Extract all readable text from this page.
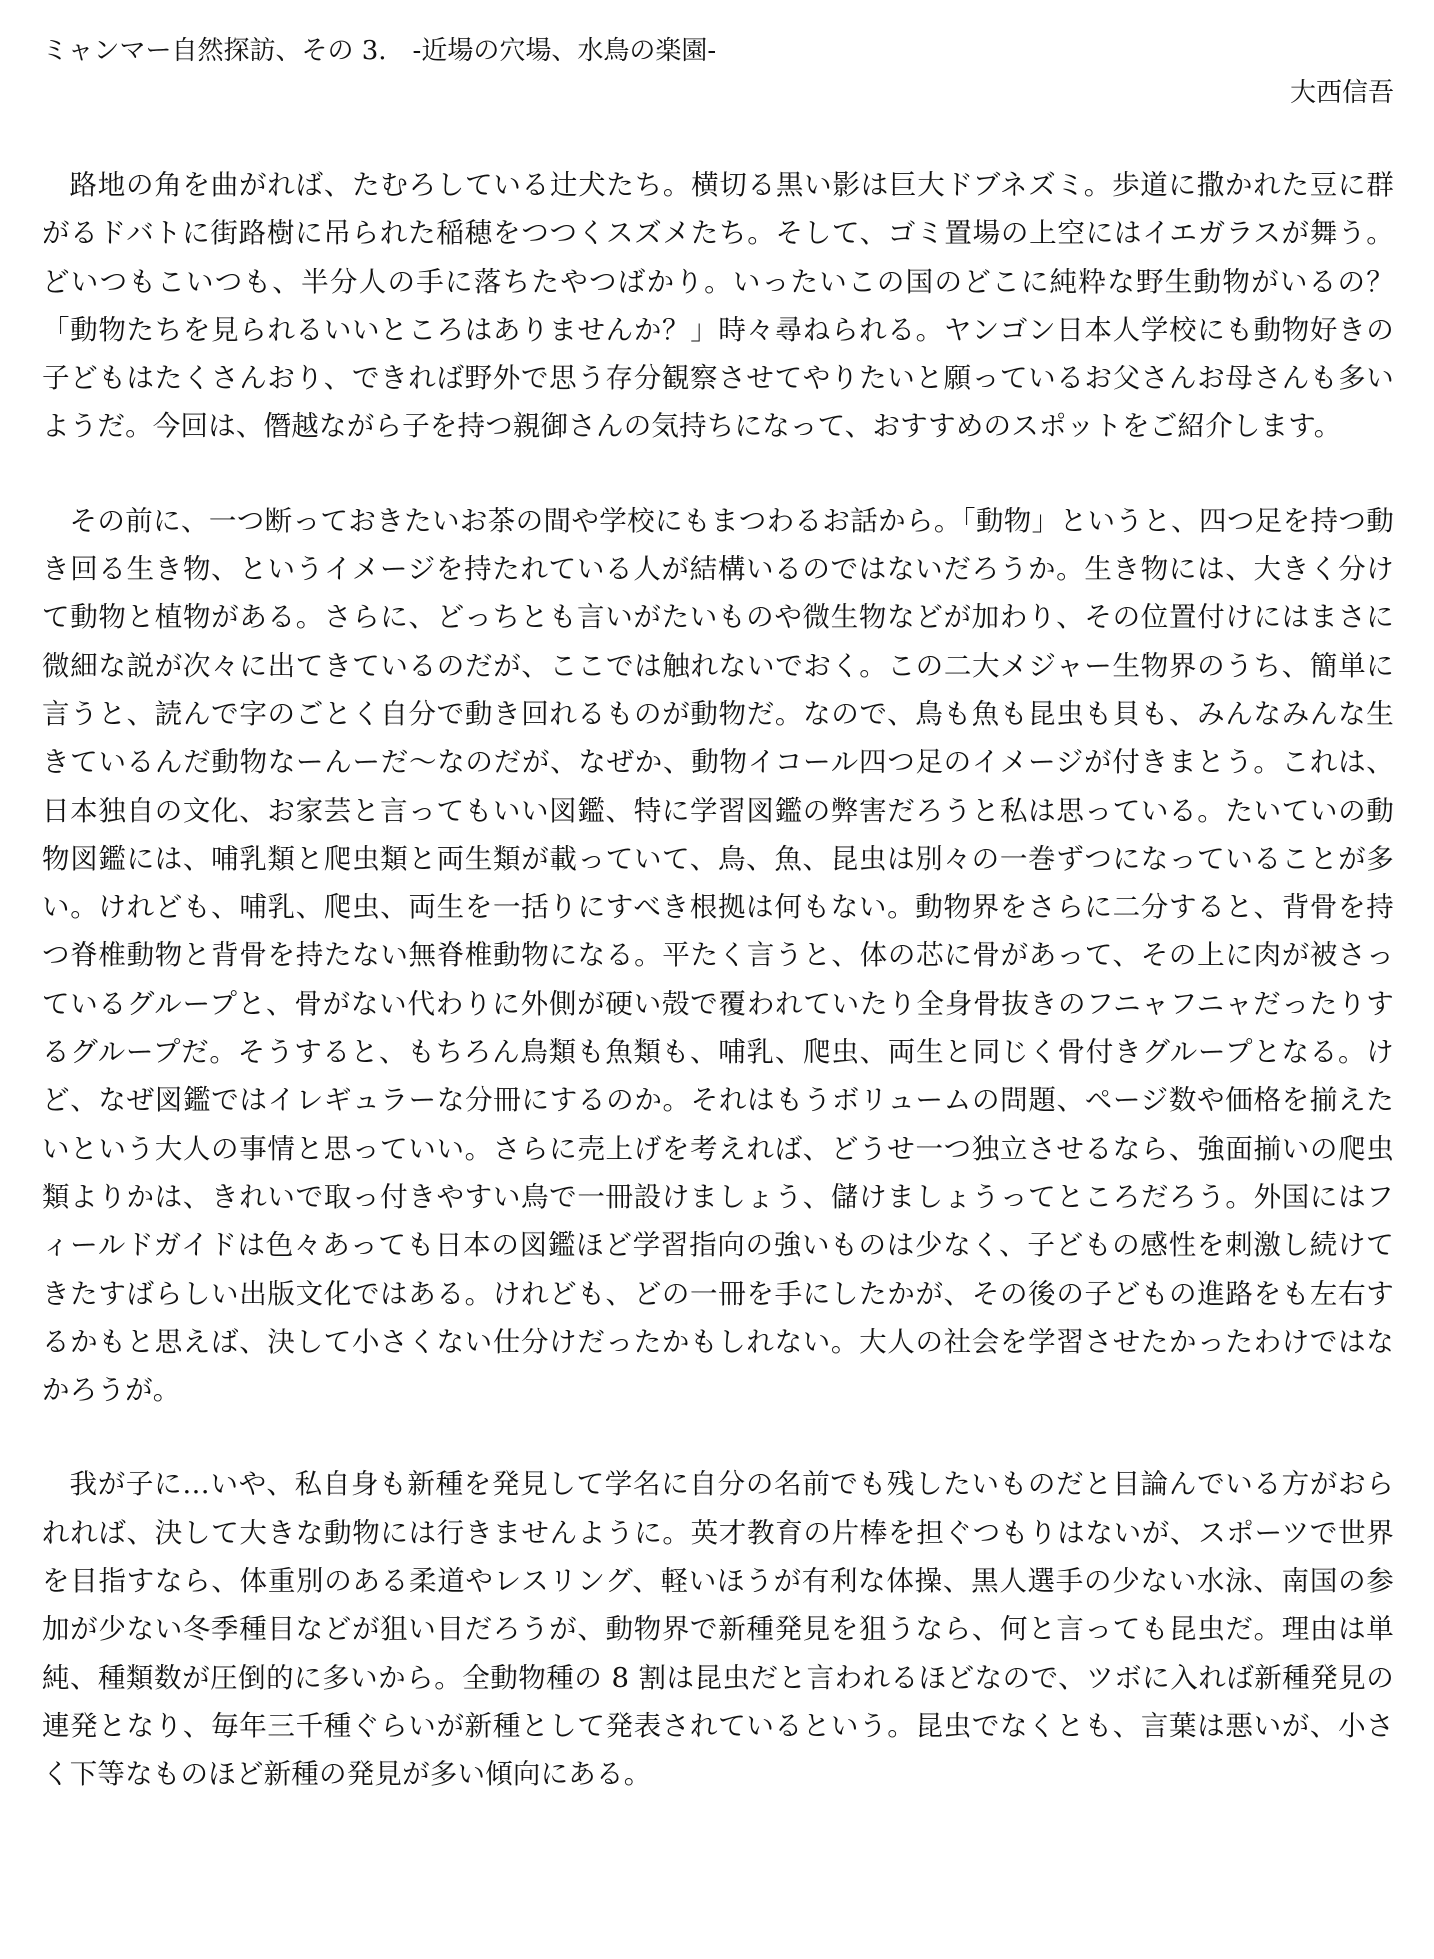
ミャンマー自然探訪、その 3.　-近場の穴場、水鳥の楽園-

大西信吾

路地の角を曲がれば、たむろしている辻犬たち。横切る黒い影は巨大ドブネズミ。歩道に撒かれた豆に群がるドバトに街路樹に吊られた稲穂をつつくスズメたち。そして、ゴミ置場の上空にはイエガラスが舞う。どいつもこいつも、半分人の手に落ちたやつばかり。いったいこの国のどこに純粋な野生動物がいるの？「動物たちを見られるいいところはありませんか？」時々尋ねられる。ヤンゴン日本人学校にも動物好きの子どもはたくさんおり、できれば野外で思う存分観察させてやりたいと願っているお父さんお母さんも多いようだ。今回は、僭越ながら子を持つ親御さんの気持ちになって、おすすめのスポットをご紹介します。

その前に、一つ断っておきたいお茶の間や学校にもまつわるお話から。「動物」というと、四つ足を持つ動き回る生き物、というイメージを持たれている人が結構いるのではないだろうか。生き物には、大きく分けて動物と植物がある。さらに、どっちとも言いがたいものや微生物などが加わり、その位置付けにはまさに微細な説が次々に出てきているのだが、ここでは触れないでおく。この二大メジャー生物界のうち、簡単に言うと、読んで字のごとく自分で動き回れるものが動物だ。なので、鳥も魚も昆虫も貝も、みんなみんな生きているんだ動物なーんーだ～なのだが、なぜか、動物イコール四つ足のイメージが付きまとう。これは、日本独自の文化、お家芸と言ってもいい図鑑、特に学習図鑑の弊害だろうと私は思っている。たいていの動物図鑑には、哺乳類と爬虫類と両生類が載っていて、鳥、魚、昆虫は別々の一巻ずつになっていることが多い。けれども、哺乳、爬虫、両生を一括りにすべき根拠は何もない。動物界をさらに二分すると、背骨を持つ脊椎動物と背骨を持たない無脊椎動物になる。平たく言うと、体の芯に骨があって、その上に肉が被さっているグループと、骨がない代わりに外側が硬い殻で覆われていたり全身骨抜きのフニャフニャだったりするグループだ。そうすると、もちろん鳥類も魚類も、哺乳、爬虫、両生と同じく骨付きグループとなる。けど、なぜ図鑑ではイレギュラーな分冊にするのか。それはもうボリュームの問題、ページ数や価格を揃えたいという大人の事情と思っていい。さらに売上げを考えれば、どうせ一つ独立させるなら、強面揃いの爬虫類よりかは、きれいで取っ付きやすい鳥で一冊設けましょう、儲けましょうってところだろう。外国にはフィールドガイドは色々あっても日本の図鑑ほど学習指向の強いものは少なく、子どもの感性を刺激し続けてきたすばらしい出版文化ではある。けれども、どの一冊を手にしたかが、その後の子どもの進路をも左右するかもと思えば、決して小さくない仕分けだったかもしれない。大人の社会を学習させたかったわけではなかろうが。

我が子に…いや、私自身も新種を発見して学名に自分の名前でも残したいものだと目論んでいる方がおられれば、決して大きな動物には行きませんように。英才教育の片棒を担ぐつもりはないが、スポーツで世界を目指すなら、体重別のある柔道やレスリング、軽いほうが有利な体操、黒人選手の少ない水泳、南国の参加が少ない冬季種目などが狙い目だろうが、動物界で新種発見を狙うなら、何と言っても昆虫だ。理由は単純、種類数が圧倒的に多いから。全動物種の 8 割は昆虫だと言われるほどなので、ツボに入れば新種発見の連発となり、毎年三千種ぐらいが新種として発表されているという。昆虫でなくとも、言葉は悪いが、小さく下等なものほど新種の発見が多い傾向にある。
